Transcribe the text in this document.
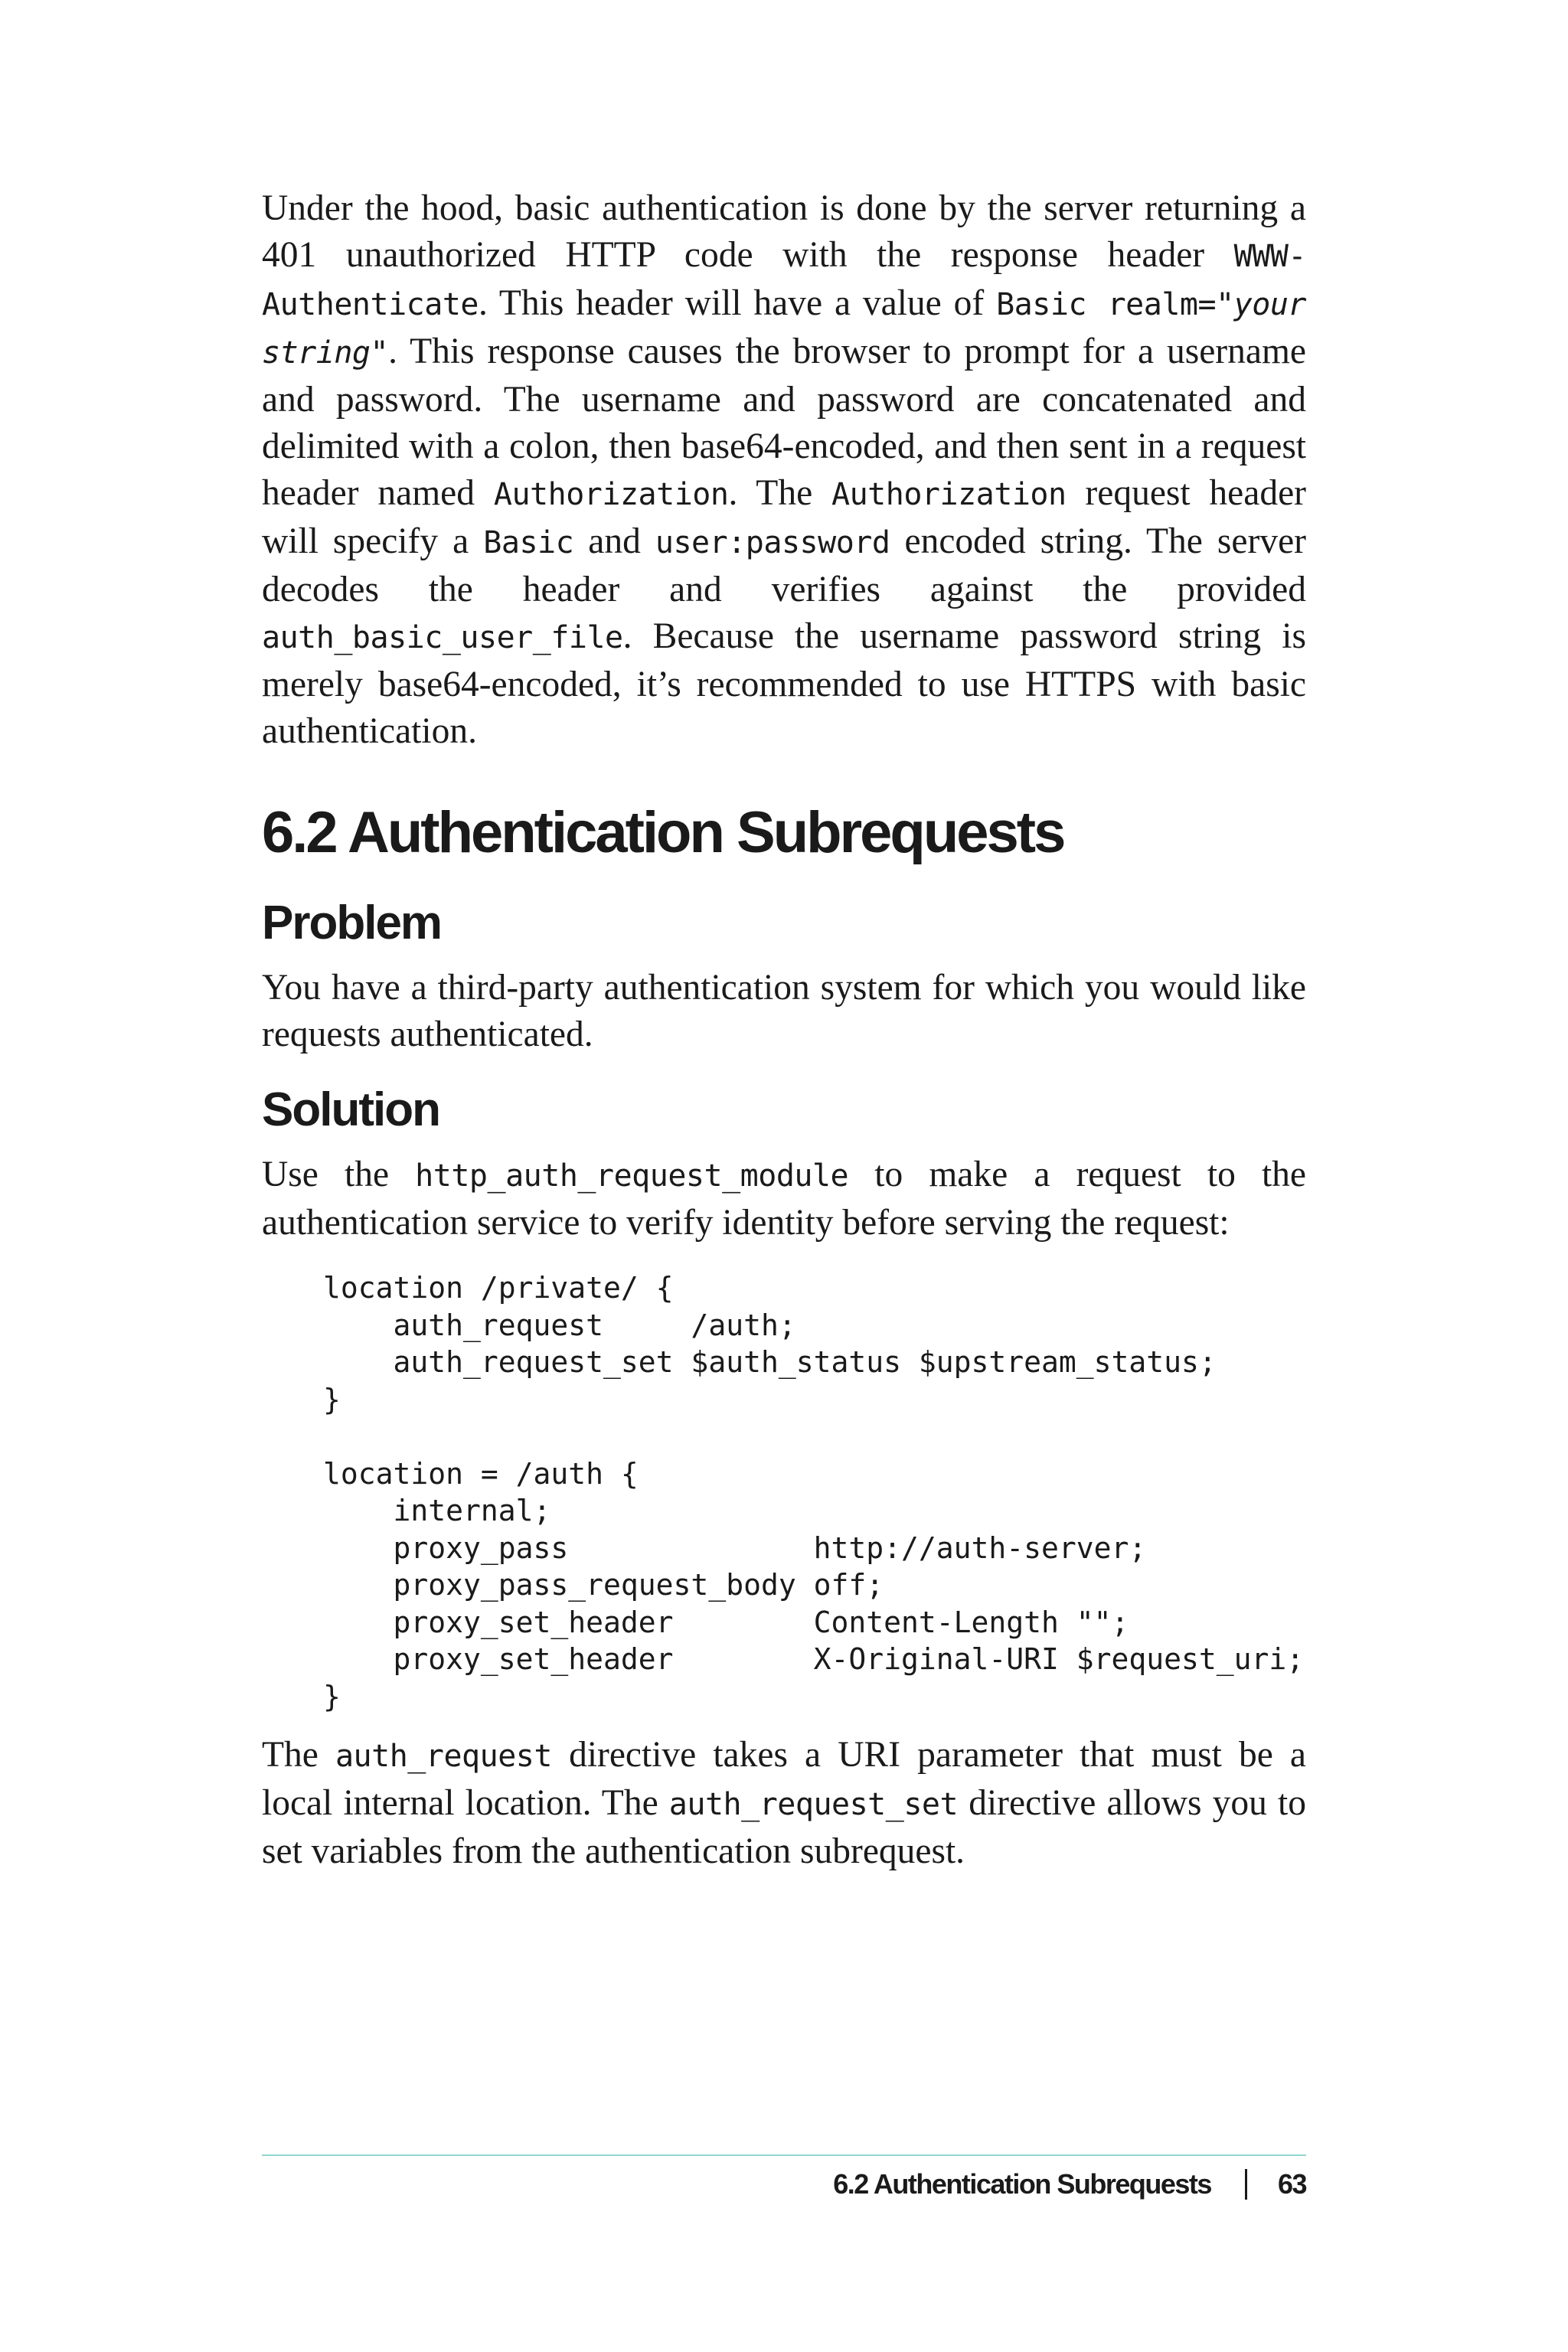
Under the hood, basic authentication is done by the server returning a 401 unauthorized HTTP code with the response header WWW-Authenticate. This header will have a value of Basic realm="your string". This response causes the browser to prompt for a username and password. The username and password are concatenated and delimited with a colon, then base64-encoded, and then sent in a request header named Authorization. The Authorization request header will specify a Basic and user:password encoded string. The server decodes the header and verifies against the provided auth_basic_user_file. Because the username password string is merely base64-encoded, it’s recommended to use HTTPS with basic authentication.

6.2 Authentication Subrequests
Problem

You have a third-party authentication system for which you would like requests authenticated.

Solution

Use the http_auth_request_module to make a request to the authentication service to verify identity before serving the request:

location /private/ {
auth_request     /auth;
auth_request_set $auth_status $upstream_status;
}

location = /auth {
internal;
proxy_pass              http://auth-server;
proxy_pass_request_body off;
proxy_set_header        Content-Length "";
proxy_set_header        X-Original-URI $request_uri;
}

The auth_request directive takes a URI parameter that must be a local internal location. The auth_request_set directive allows you to set variables from the authentication subrequest.

6.2 Authentication Subrequests 63
